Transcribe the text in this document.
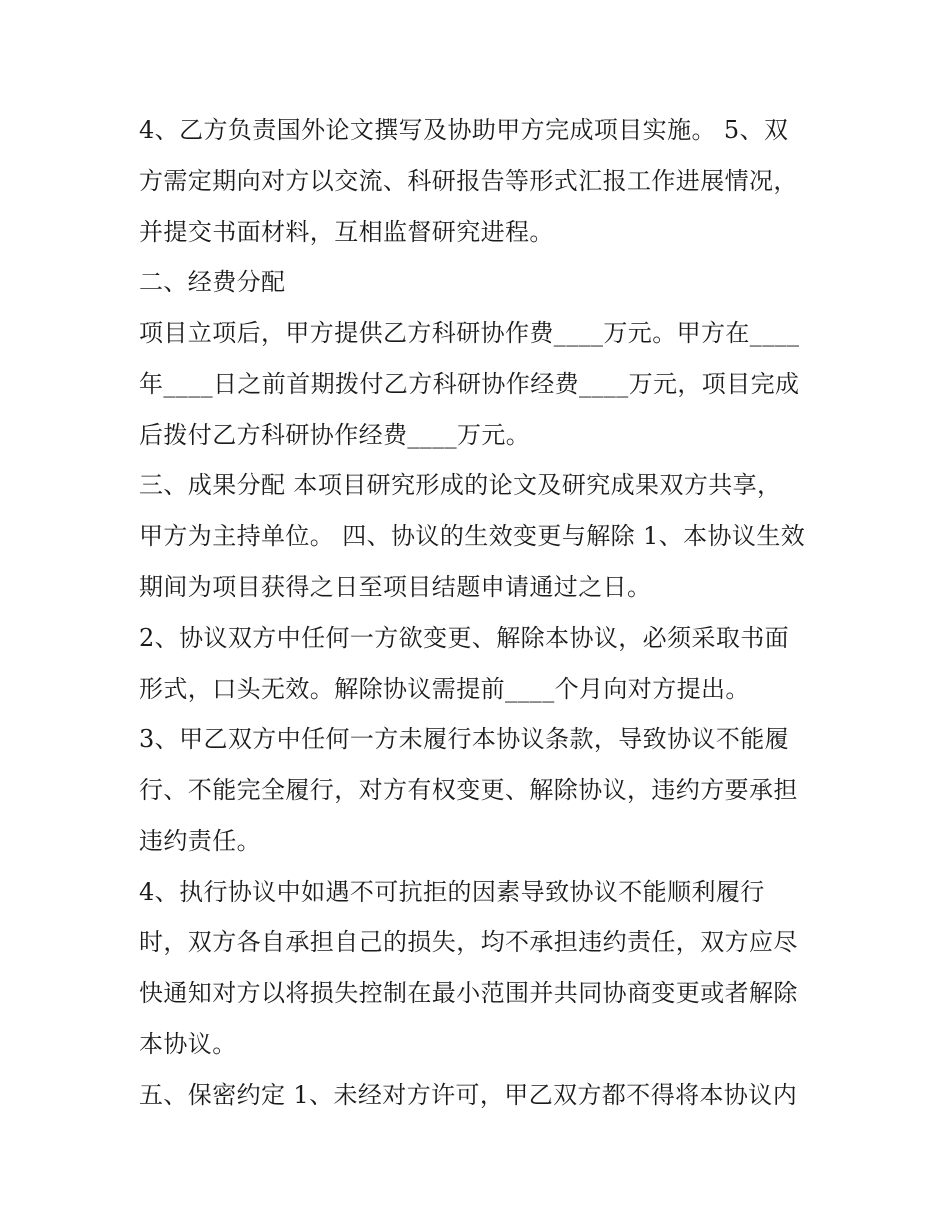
4、乙方负责国外论文撰写及协助甲方完成项目实施。 5、双
方需定期向对方以交流、科研报告等形式汇报工作进展情况，
并提交书面材料，互相监督研究进程。
二、经费分配
项目立项后，甲方提供乙方科研协作费____万元。甲方在____
年____日之前首期拨付乙方科研协作经费____万元，项目完成
后拨付乙方科研协作经费____万元。
三、成果分配 本项目研究形成的论文及研究成果双方共享，
甲方为主持单位。 四、协议的生效变更与解除 1、本协议生效
期间为项目获得之日至项目结题申请通过之日。
2、协议双方中任何一方欲变更、解除本协议，必须采取书面
形式，口头无效。解除协议需提前____个月向对方提出。
3、甲乙双方中任何一方未履行本协议条款，导致协议不能履
行、不能完全履行，对方有权变更、解除协议，违约方要承担
违约责任。
4、执行协议中如遇不可抗拒的因素导致协议不能顺利履行
时，双方各自承担自己的损失，均不承担违约责任，双方应尽
快通知对方以将损失控制在最小范围并共同协商变更或者解除
本协议。
五、保密约定 1、未经对方许可，甲乙双方都不得将本协议内
